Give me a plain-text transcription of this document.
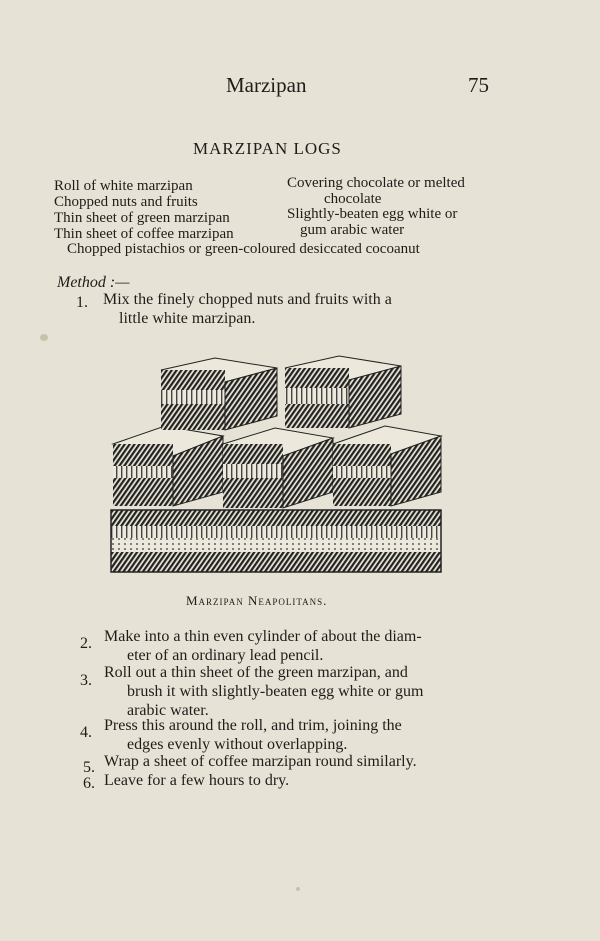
Marzipan	75
MARZIPAN LOGS
Roll of white marzipan
Chopped nuts and fruits
Thin sheet of green marzipan
Thin sheet of coffee marzipan
Covering chocolate or melted
chocolate
Slightly-beaten egg white or
gum arabic water
Chopped pistachios or green-coloured desiccated cocoanut
Method :—
1. Mix the finely chopped nuts and fruits with a
little white marzipan.
Marzipan Neapolitans.
2. Make into a thin even cylinder of about the diam-
eter of an ordinary lead pencil.
3. Roll out a thin sheet of the green marzipan, and
brush it with slightly-beaten egg white or gum
arabic water.
4. Press this around the roll, and trim, joining the
edges evenly without overlapping.
5. Wrap a sheet of coffee marzipan round similarly.
6. Leave for a few hours to dry.
